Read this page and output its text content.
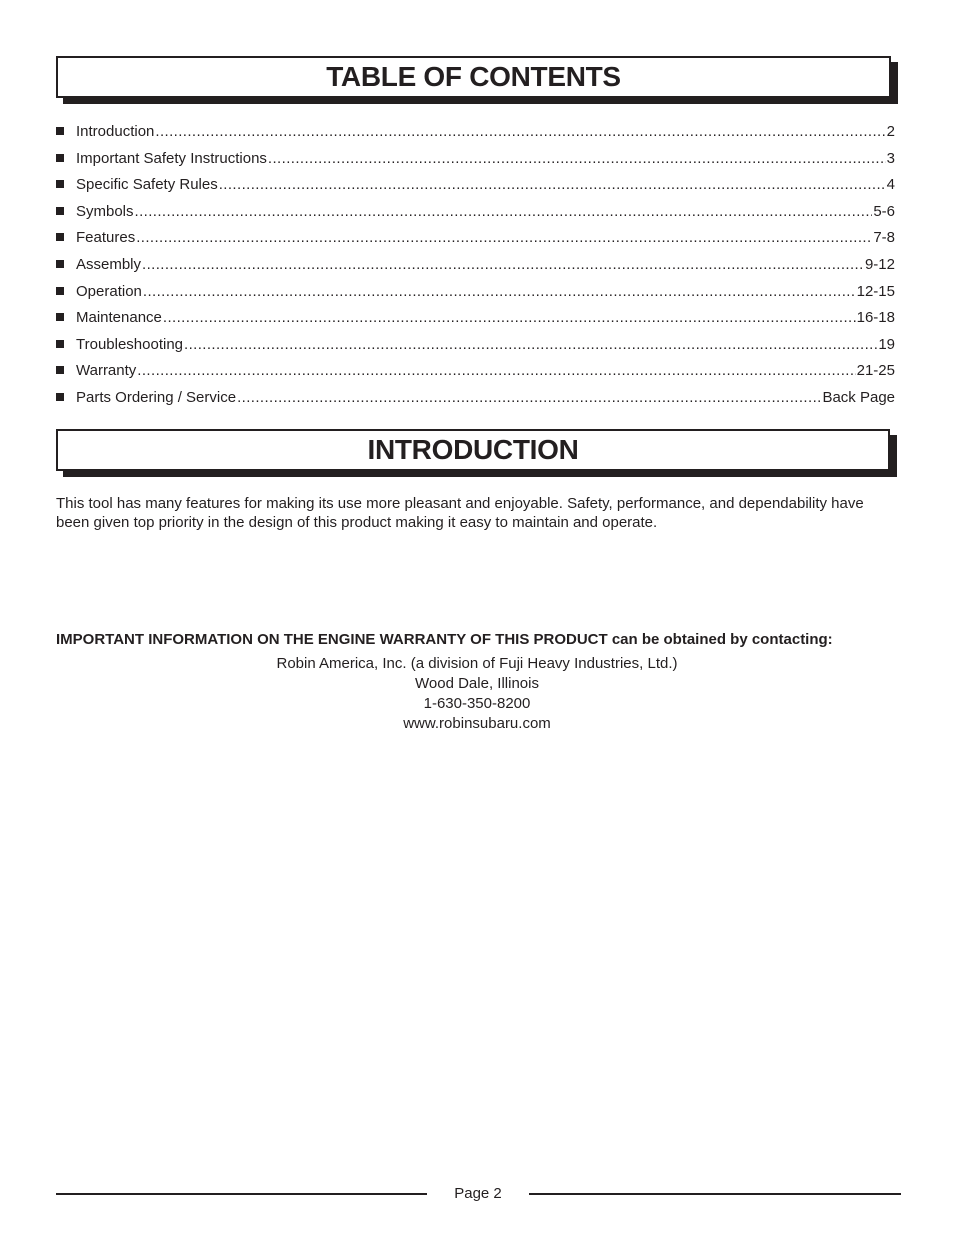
TABLE OF CONTENTS
Introduction .....	2
Important Safety Instructions .....	3
Specific Safety Rules .....	4
Symbols .....	5-6
Features .....	7-8
Assembly .....	9-12
Operation .....	12-15
Maintenance .....	16-18
Troubleshooting .....	19
Warranty .....	21-25
Parts Ordering / Service .....	Back Page
INTRODUCTION

This tool has many features for making its use more pleasant and enjoyable. Safety, performance, and dependability have been given top priority in the design of this product making it easy to maintain and operate.

IMPORTANT INFORMATION ON THE ENGINE WARRANTY OF THIS PRODUCT can be obtained by contacting:

Robin America, Inc. (a division of Fuji Heavy Industries, Ltd.)
Wood Dale, Illinois
1-630-350-8200
www.robinsubaru.com
Page 2
